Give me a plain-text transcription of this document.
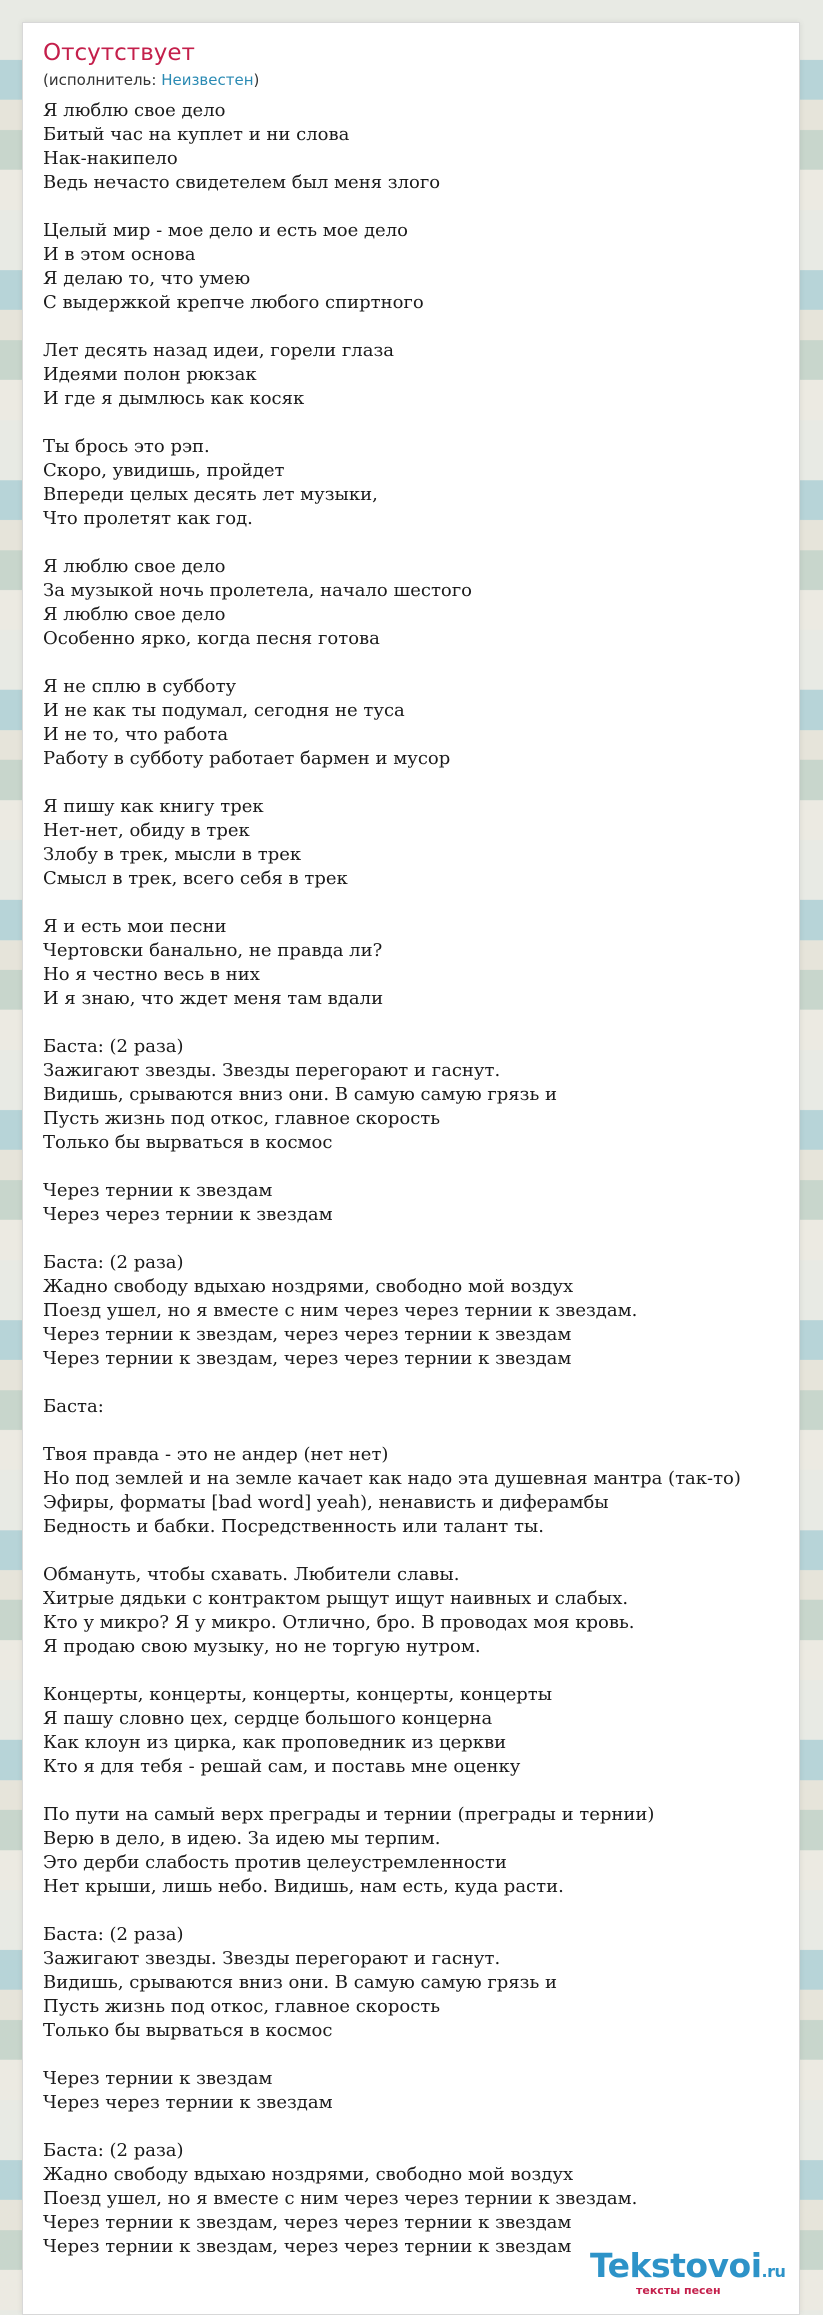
Отсутствует
(исполнитель: Неизвестен)
Я люблю свое дело
Битый час на куплет и ни слова
Нак-накипело
Ведь нечасто свидетелем был меня злого
Целый мир - мое дело и есть мое дело
И в этом основа
Я делаю то, что умею
С выдержкой крепче любого спиртного
Лет десять назад идеи, горели глаза
Идеями полон рюкзак
И где я дымлюсь как косяк
Ты брось это рэп.
Скоро, увидишь, пройдет
Впереди целых десять лет музыки,
Что пролетят как год.
Я люблю свое дело
За музыкой ночь пролетела, начало шестого
Я люблю свое дело
Особенно ярко, когда песня готова
Я не сплю в субботу
И не как ты подумал, сегодня не туса
И не то, что работа
Работу в субботу работает бармен и мусор
Я пишу как книгу трек
Нет-нет, обиду в трек
Злобу в трек, мысли в трек
Смысл в трек, всего себя в трек
Я и есть мои песни
Чертовски банально, не правда ли?
Но я честно весь в них
И я знаю, что ждет меня там вдали
Баста: (2 раза)
Зажигают звезды. Звезды перегорают и гаснут.
Видишь, срываются вниз они. В самую самую грязь и
Пусть жизнь под откос, главное скорость
Только бы вырваться в космос
Через тернии к звездам
Через через тернии к звездам
Баста: (2 раза)
Жадно свободу вдыхаю ноздрями, свободно мой воздух
Поезд ушел, но я вместе с ним через через тернии к звездам.
Через тернии к звездам, через через тернии к звездам
Через тернии к звездам, через через тернии к звездам
Баста:
Твоя правда - это не андер (нет нет)
Но под землей и на земле качает как надо эта душевная мантра (так-то)
Эфиры, форматы [bad word] yeah), ненависть и диферамбы
Бедность и бабки. Посредственность или талант ты.
Обмануть, чтобы схавать. Любители славы.
Хитрые дядьки с контрактом рыщут ищут наивных и слабых.
Кто у микро? Я у микро. Отлично, бро. В проводах моя кровь.
Я продаю свою музыку, но не торгую нутром.
Концерты, концерты, концерты, концерты, концерты
Я пашу словно цех, сердце большого концерна
Как клоун из цирка, как проповедник из церкви
Кто я для тебя - решай сам, и поставь мне оценку
По пути на самый верх преграды и тернии (преграды и тернии)
Верю в дело, в идею. За идею мы терпим.
Это дерби слабость против целеустремленности
Нет крыши, лишь небо. Видишь, нам есть, куда расти.
Баста: (2 раза)
Зажигают звезды. Звезды перегорают и гаснут.
Видишь, срываются вниз они. В самую самую грязь и
Пусть жизнь под откос, главное скорость
Только бы вырваться в космос
Через тернии к звездам
Через через тернии к звездам
Баста: (2 раза)
Жадно свободу вдыхаю ноздрями, свободно мой воздух
Поезд ушел, но я вместе с ним через через тернии к звездам.
Через тернии к звездам, через через тернии к звездам
Через тернии к звездам, через через тернии к звездам Tekstovoi.ru
тексты песен
